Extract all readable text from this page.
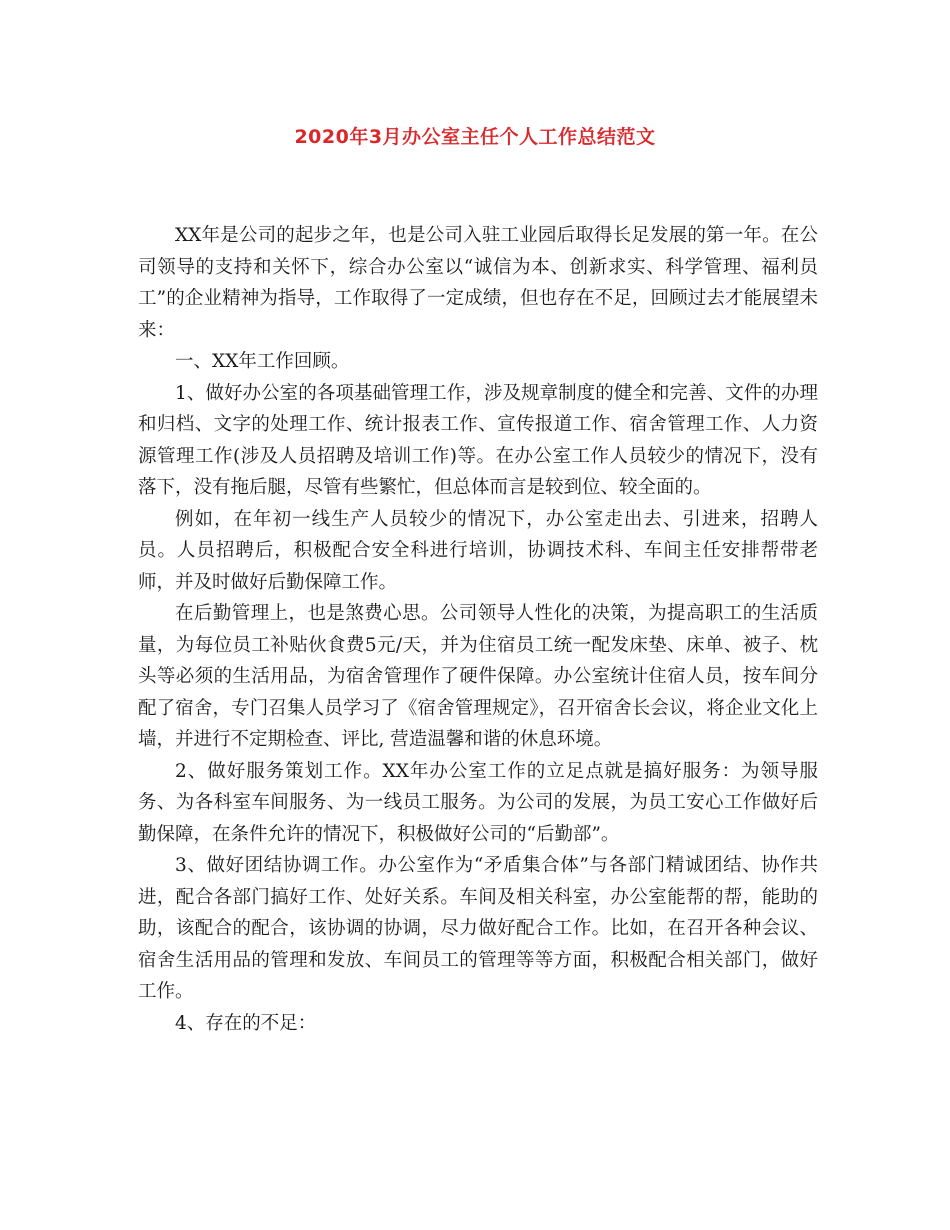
2020年3月办公室主任个人工作总结范文

XX年是公司的起步之年，也是公司入驻工业园后取得长足发展的第一年。在公司领导的支持和关怀下，综合办公室以“诚信为本、创新求实、科学管理、福利员工”的企业精神为指导，工作取得了一定成绩，但也存在不足，回顾过去才能展望未来：

一、XX年工作回顾。

1、做好办公室的各项基础管理工作，涉及规章制度的健全和完善、文件的办理和归档、文字的处理工作、统计报表工作、宣传报道工作、宿舍管理工作、人力资源管理工作(涉及人员招聘及培训工作)等。在办公室工作人员较少的情况下，没有落下，没有拖后腿，尽管有些繁忙，但总体而言是较到位、较全面的。

例如，在年初一线生产人员较少的情况下，办公室走出去、引进来，招聘人员。人员招聘后，积极配合安全科进行培训，协调技术科、车间主任安排帮带老师，并及时做好后勤保障工作。

在后勤管理上，也是煞费心思。公司领导人性化的决策，为提高职工的生活质量，为每位员工补贴伙食费5元/天，并为住宿员工统一配发床垫、床单、被子、枕头等必须的生活用品，为宿舍管理作了硬件保障。办公室统计住宿人员，按车间分配了宿舍，专门召集人员学习了《宿舍管理规定》，召开宿舍长会议，将企业文化上墙，并进行不定期检查、评比, 营造温馨和谐的休息环境。

2、做好服务策划工作。XX年办公室工作的立足点就是搞好服务：为领导服务、为各科室车间服务、为一线员工服务。为公司的发展，为员工安心工作做好后勤保障，在条件允许的情况下，积极做好公司的“后勤部”。

3、做好团结协调工作。办公室作为“矛盾集合体”与各部门精诚团结、协作共进，配合各部门搞好工作、处好关系。车间及相关科室，办公室能帮的帮，能助的助，该配合的配合，该协调的协调，尽力做好配合工作。比如，在召开各种会议、宿舍生活用品的管理和发放、车间员工的管理等等方面，积极配合相关部门，做好工作。

4、存在的不足：
